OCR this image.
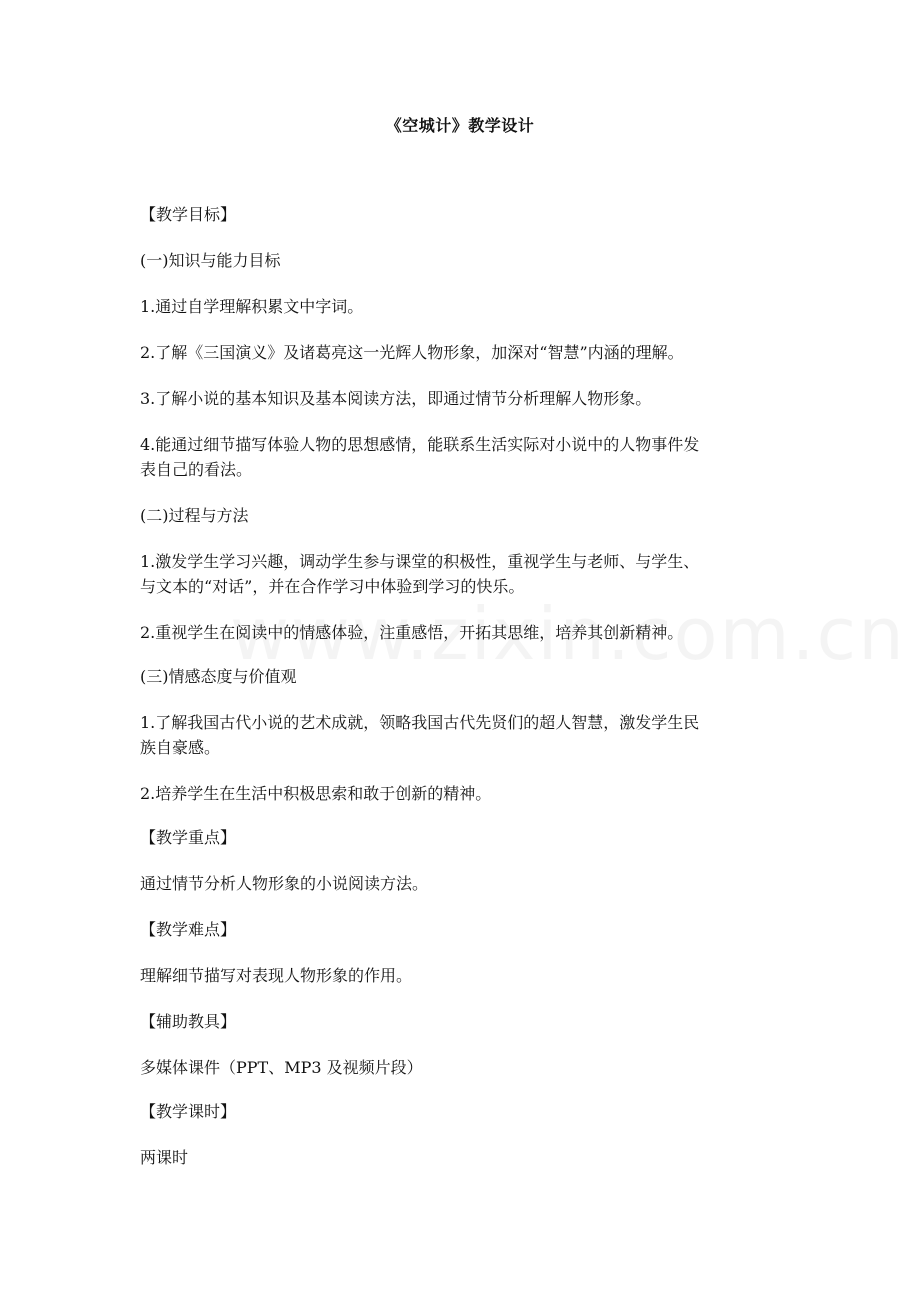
《空城计》教学设计
【教学目标】
(一)知识与能力目标
1.通过自学理解积累文中字词。
2.了解《三国演义》及诸葛亮这一光辉人物形象，加深对“智慧”内涵的理解。
3.了解小说的基本知识及基本阅读方法，即通过情节分析理解人物形象。
4.能通过细节描写体验人物的思想感情，能联系生活实际对小说中的人物事件发
表自己的看法。
(二)过程与方法
1.激发学生学习兴趣，调动学生参与课堂的积极性，重视学生与老师、与学生、
与文本的“对话”，并在合作学习中体验到学习的快乐。
2.重视学生在阅读中的情感体验，注重感悟，开拓其思维，培养其创新精神。
(三)情感态度与价值观
1.了解我国古代小说的艺术成就，领略我国古代先贤们的超人智慧，激发学生民
族自豪感。
2.培养学生在生活中积极思索和敢于创新的精神。
【教学重点】
通过情节分析人物形象的小说阅读方法。
【教学难点】
理解细节描写对表现人物形象的作用。
【辅助教具】
多媒体课件（PPT、MP3 及视频片段）
【教学课时】
两课时
